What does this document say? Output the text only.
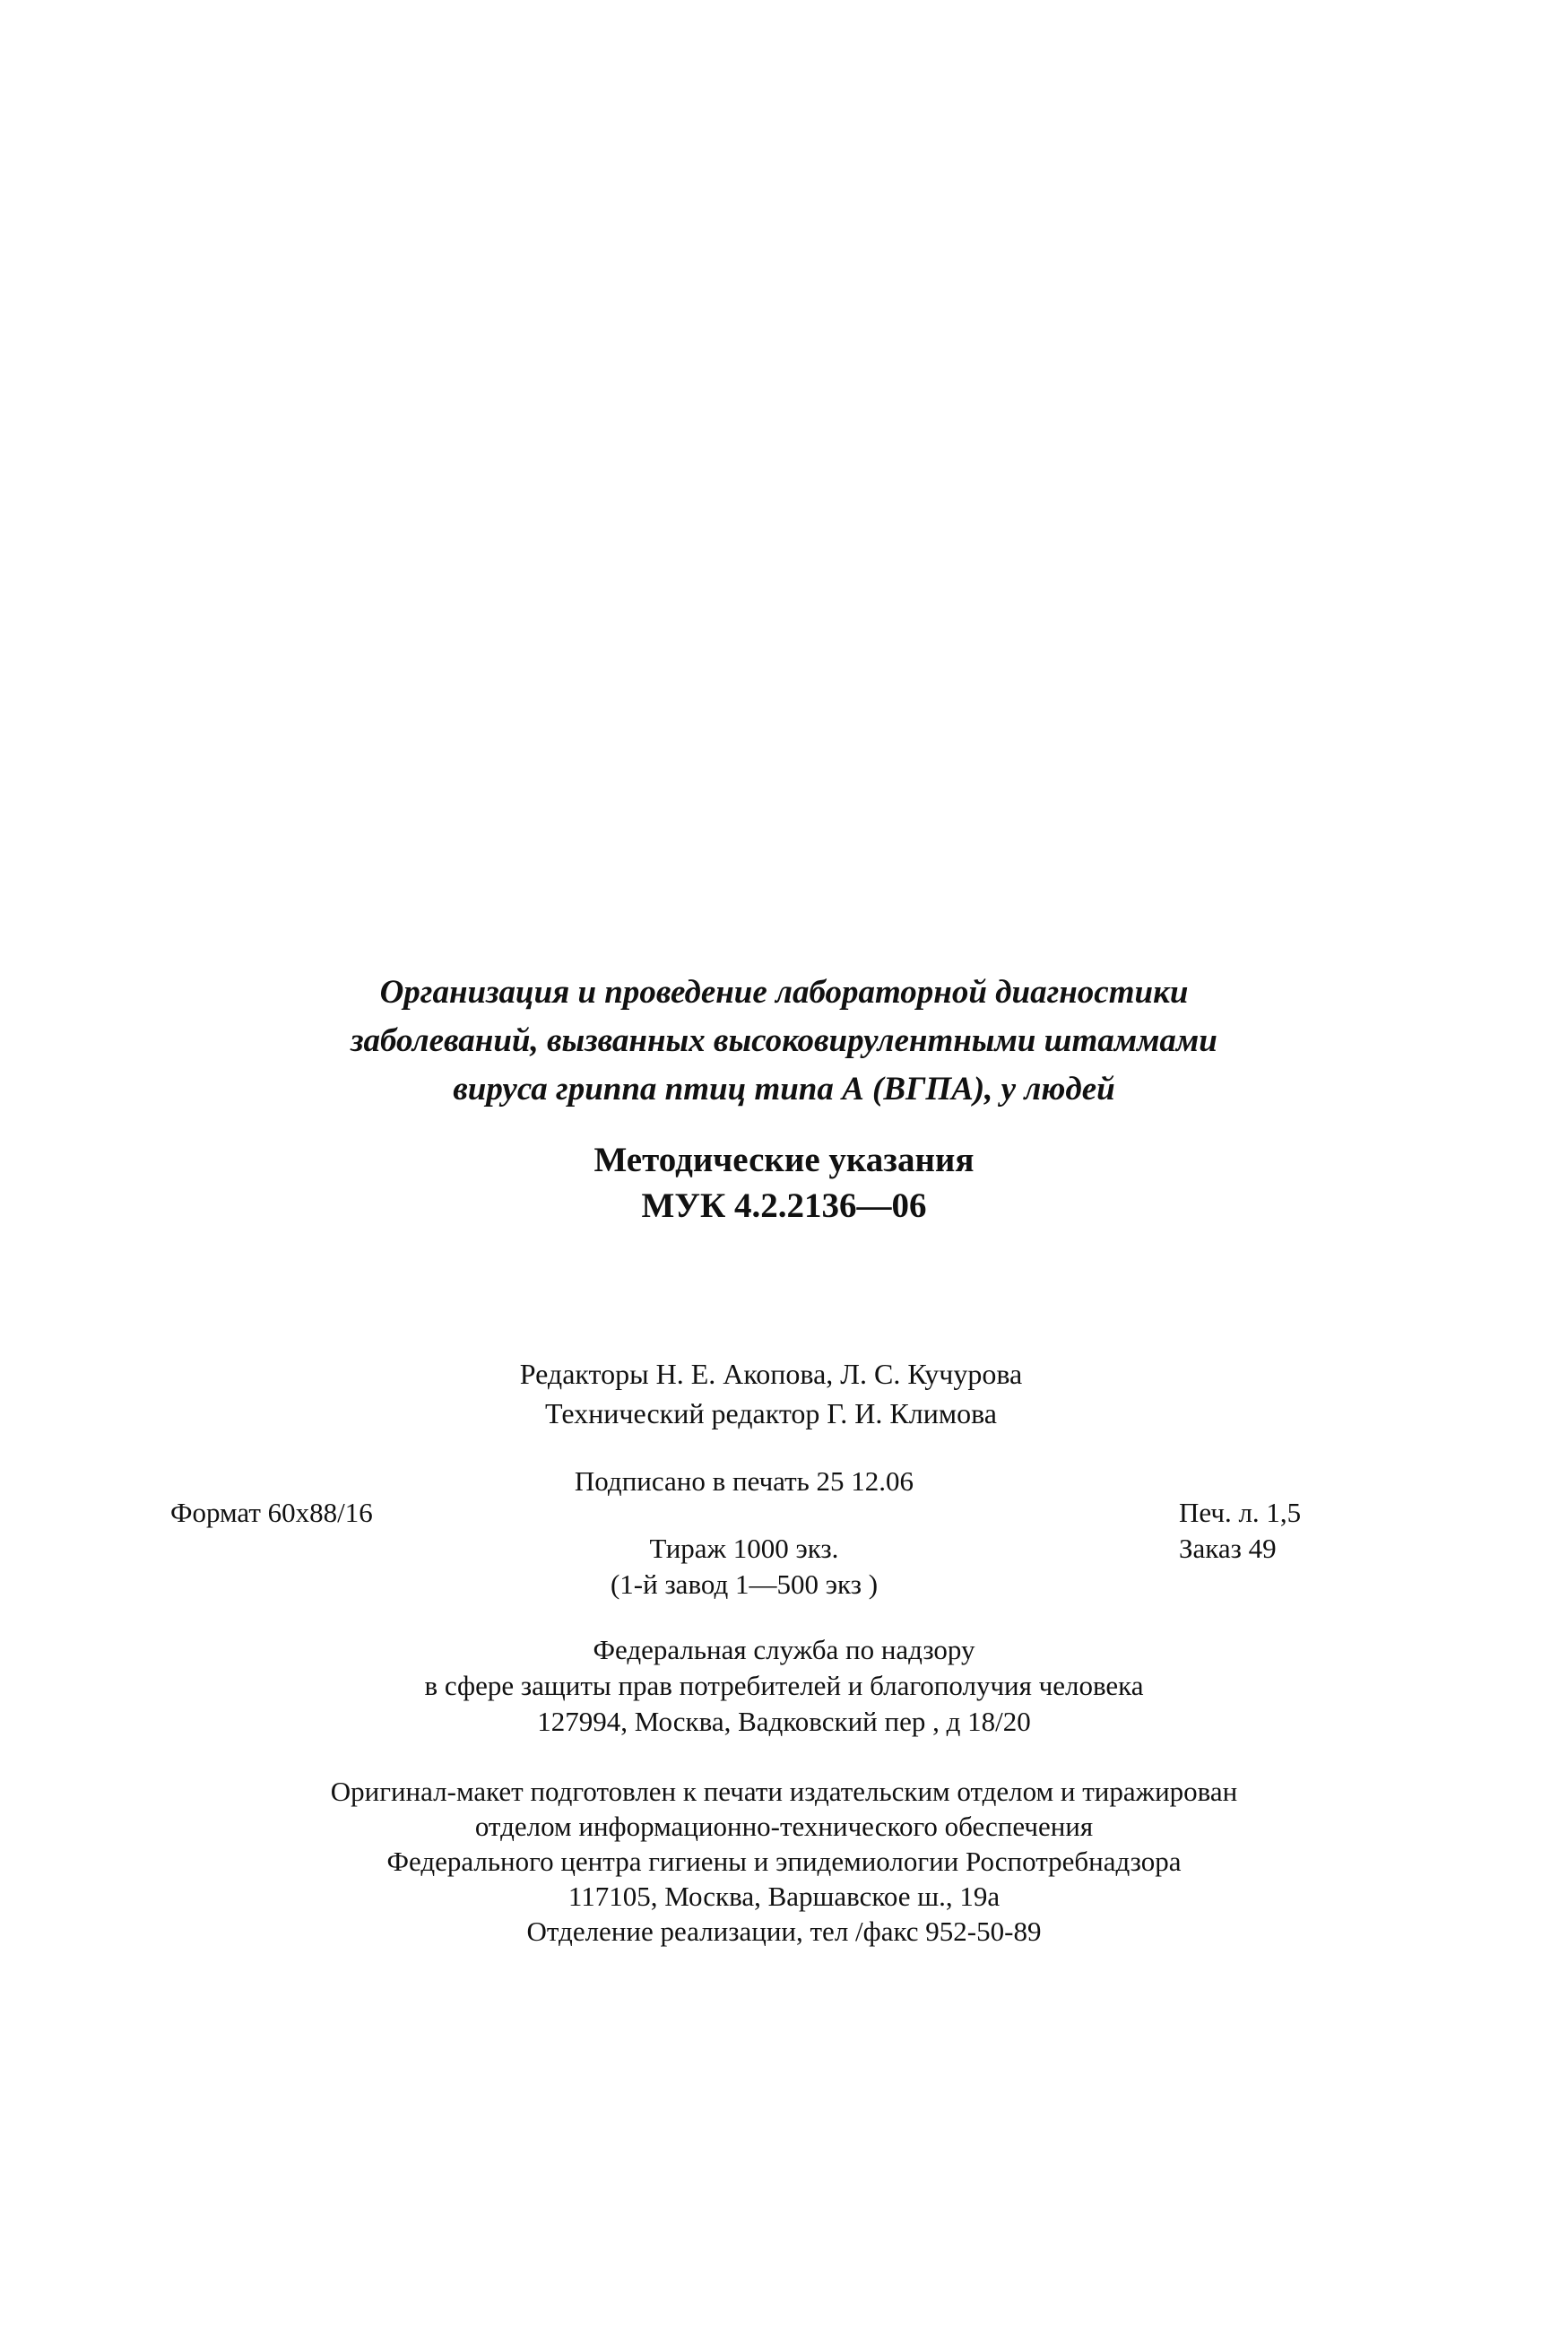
Организация и проведение лабораторной диагностики
заболеваний, вызванных высоковирулентными штаммами
вируса гриппа птиц типа А (ВГПА), у людей
Методические указания
МУК 4.2.2136—06
Редакторы Н. Е. Акопова, Л. С. Кучурова
Технический редактор Г. И. Климова
Подписано в печать 25 12.06
Формат 60x88/16	Печ. л. 1,5
Заказ 49
Тираж 1000 экз.
(1-й завод 1—500 экз )
Федеральная служба по надзору
в сфере защиты прав потребителей и благополучия человека
127994, Москва, Вадковский пер , д 18/20
Оригинал-макет подготовлен к печати издательским отделом и тиражирован
отделом информационно-технического обеспечения
Федерального центра гигиены и эпидемиологии Роспотребнадзора
117105, Москва, Варшавское ш., 19а
Отделение реализации, тел /факс 952-50-89
